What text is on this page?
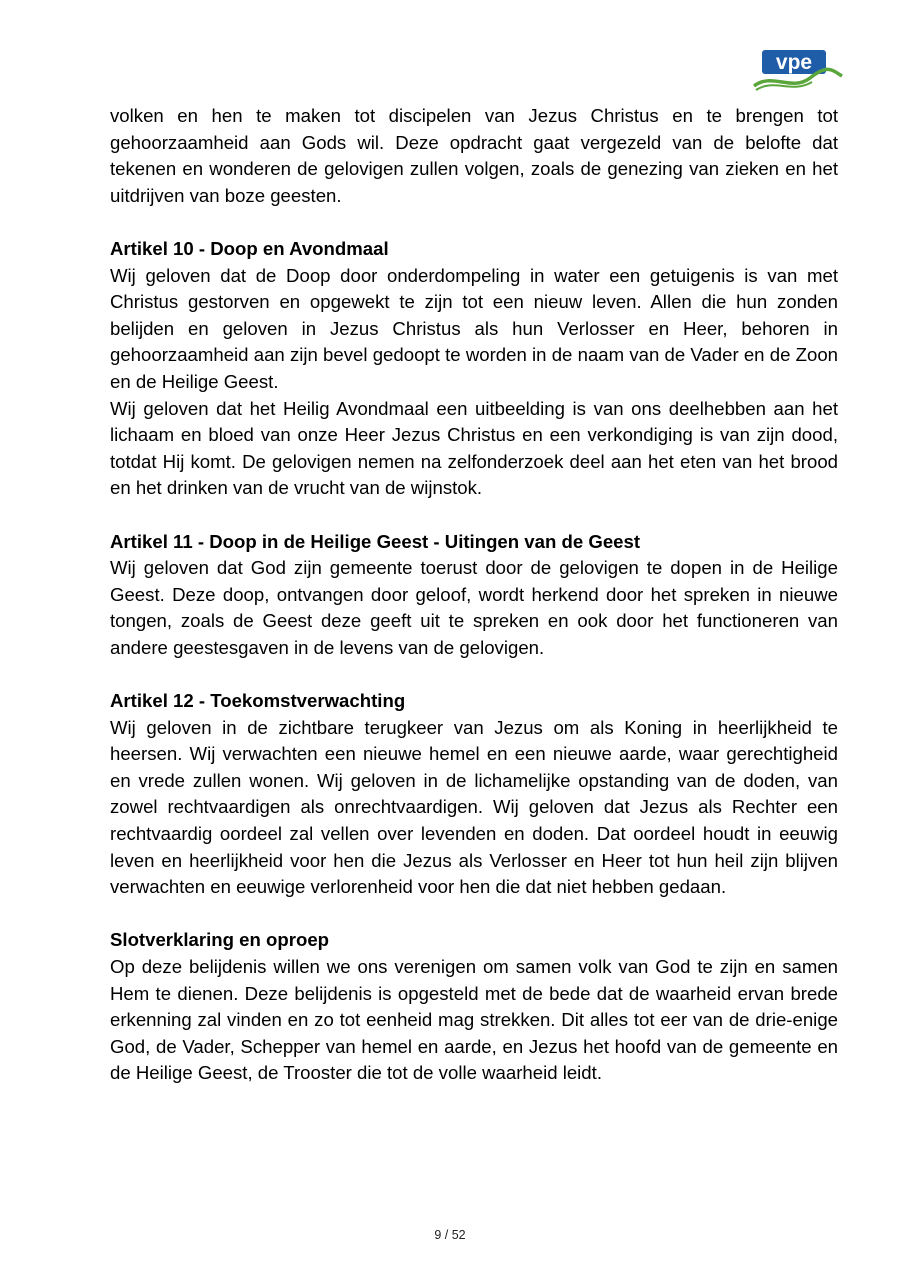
vpe

volken en hen te maken tot discipelen van Jezus Christus en te brengen tot gehoorzaamheid aan Gods wil. Deze opdracht gaat vergezeld van de belofte dat tekenen en wonderen de gelovigen zullen volgen, zoals de genezing van zieken en het uitdrijven van boze geesten.

Artikel 10 - Doop en Avondmaal

Wij geloven dat de Doop door onderdompeling in water een getuigenis is van met Christus gestorven en opgewekt te zijn tot een nieuw leven. Allen die hun zonden belijden en geloven in Jezus Christus als hun Verlosser en Heer, behoren in gehoorzaamheid aan zijn bevel gedoopt te worden in de naam van de Vader en de Zoon en de Heilige Geest.

Wij geloven dat het Heilig Avondmaal een uitbeelding is van ons deelhebben aan het lichaam en bloed van onze Heer Jezus Christus en een verkondiging is van zijn dood, totdat Hij komt. De gelovigen nemen na zelfonderzoek deel aan het eten van het brood en het drinken van de vrucht van de wijnstok.

Artikel 11 - Doop in de Heilige Geest - Uitingen van de Geest

Wij geloven dat God zijn gemeente toerust door de gelovigen te dopen in de Heilige Geest. Deze doop, ontvangen door geloof, wordt herkend door het spreken in nieuwe tongen, zoals de Geest deze geeft uit te spreken en ook door het functioneren van andere geestesgaven in de levens van de gelovigen.

Artikel 12 - Toekomstverwachting

Wij geloven in de zichtbare terugkeer van Jezus om als Koning in heerlijkheid te heersen. Wij verwachten een nieuwe hemel en een nieuwe aarde, waar gerechtigheid en vrede zullen wonen. Wij geloven in de lichamelijke opstanding van de doden, van zowel rechtvaardigen als onrechtvaardigen. Wij geloven dat Jezus als Rechter een rechtvaardig oordeel zal vellen over levenden en doden. Dat oordeel houdt in eeuwig leven en heerlijkheid voor hen die Jezus als Verlosser en Heer tot hun heil zijn blijven verwachten en eeuwige verlorenheid voor hen die dat niet hebben gedaan.

Slotverklaring en oproep

Op deze belijdenis willen we ons verenigen om samen volk van God te zijn en samen Hem te dienen. Deze belijdenis is opgesteld met de bede dat de waarheid ervan brede erkenning zal vinden en zo tot eenheid mag strekken. Dit alles tot eer van de drie-enige God, de Vader, Schepper van hemel en aarde, en Jezus het hoofd van de gemeente en de Heilige Geest, de Trooster die tot de volle waarheid leidt.

9 / 52
